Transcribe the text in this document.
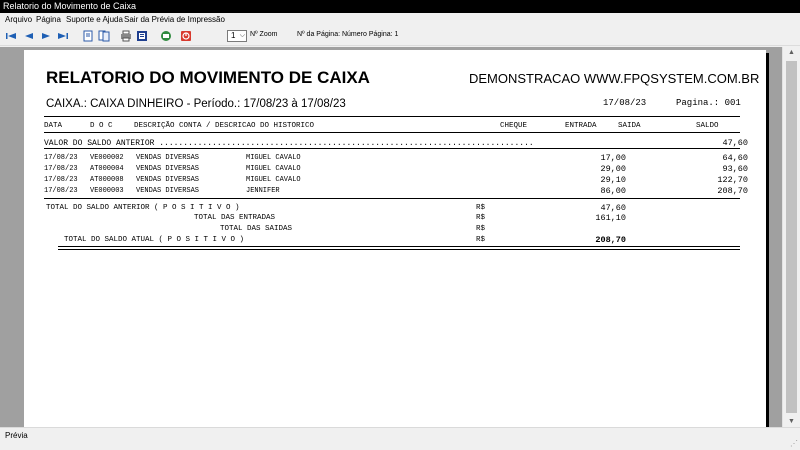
Relatorio do Movimento de Caixa
Arquivo Página Suporte e Ajuda Sair da Prévia de Impressão
1 ⌵ Nº Zoom	Nº da Página: Número Página: 1
RELATORIO DO MOVIMENTO DE CAIXA	DEMONSTRACAO WWW.FPQSYSTEM.COM.BR
CAIXA.: CAIXA DINHEIRO - Período.: 17/08/23 à 17/08/23	17/08/23	Pagina.: 001
DATA	D O C	DESCRIÇÃO CONTA / DESCRICAO DO HISTORICO	CHEQUE	ENTRADA	SAIDA	SALDO
VALOR DO SALDO ANTERIOR ..............................................................................	47,60
17/08/23 VE000002 VENDAS DIVERSAS	MIGUEL CAVALO	17,00	64,60
17/08/23 AT000004 VENDAS DIVERSAS	MIGUEL CAVALO	29,00	93,60
17/08/23 AT000008 VENDAS DIVERSAS	MIGUEL CAVALO	29,10	122,70
17/08/23 VE000003 VENDAS DIVERSAS	JENNIFER	86,00	208,70
TOTAL DO SALDO ANTERIOR ( P O S I T I V O )	R$	47,60
TOTAL DAS ENTRADAS	R$	161,10
TOTAL DAS SAIDAS	R$
TOTAL DO SALDO ATUAL ( P O S I T I V O )	R$	208,70
▲
▼
Prévia
⋰
